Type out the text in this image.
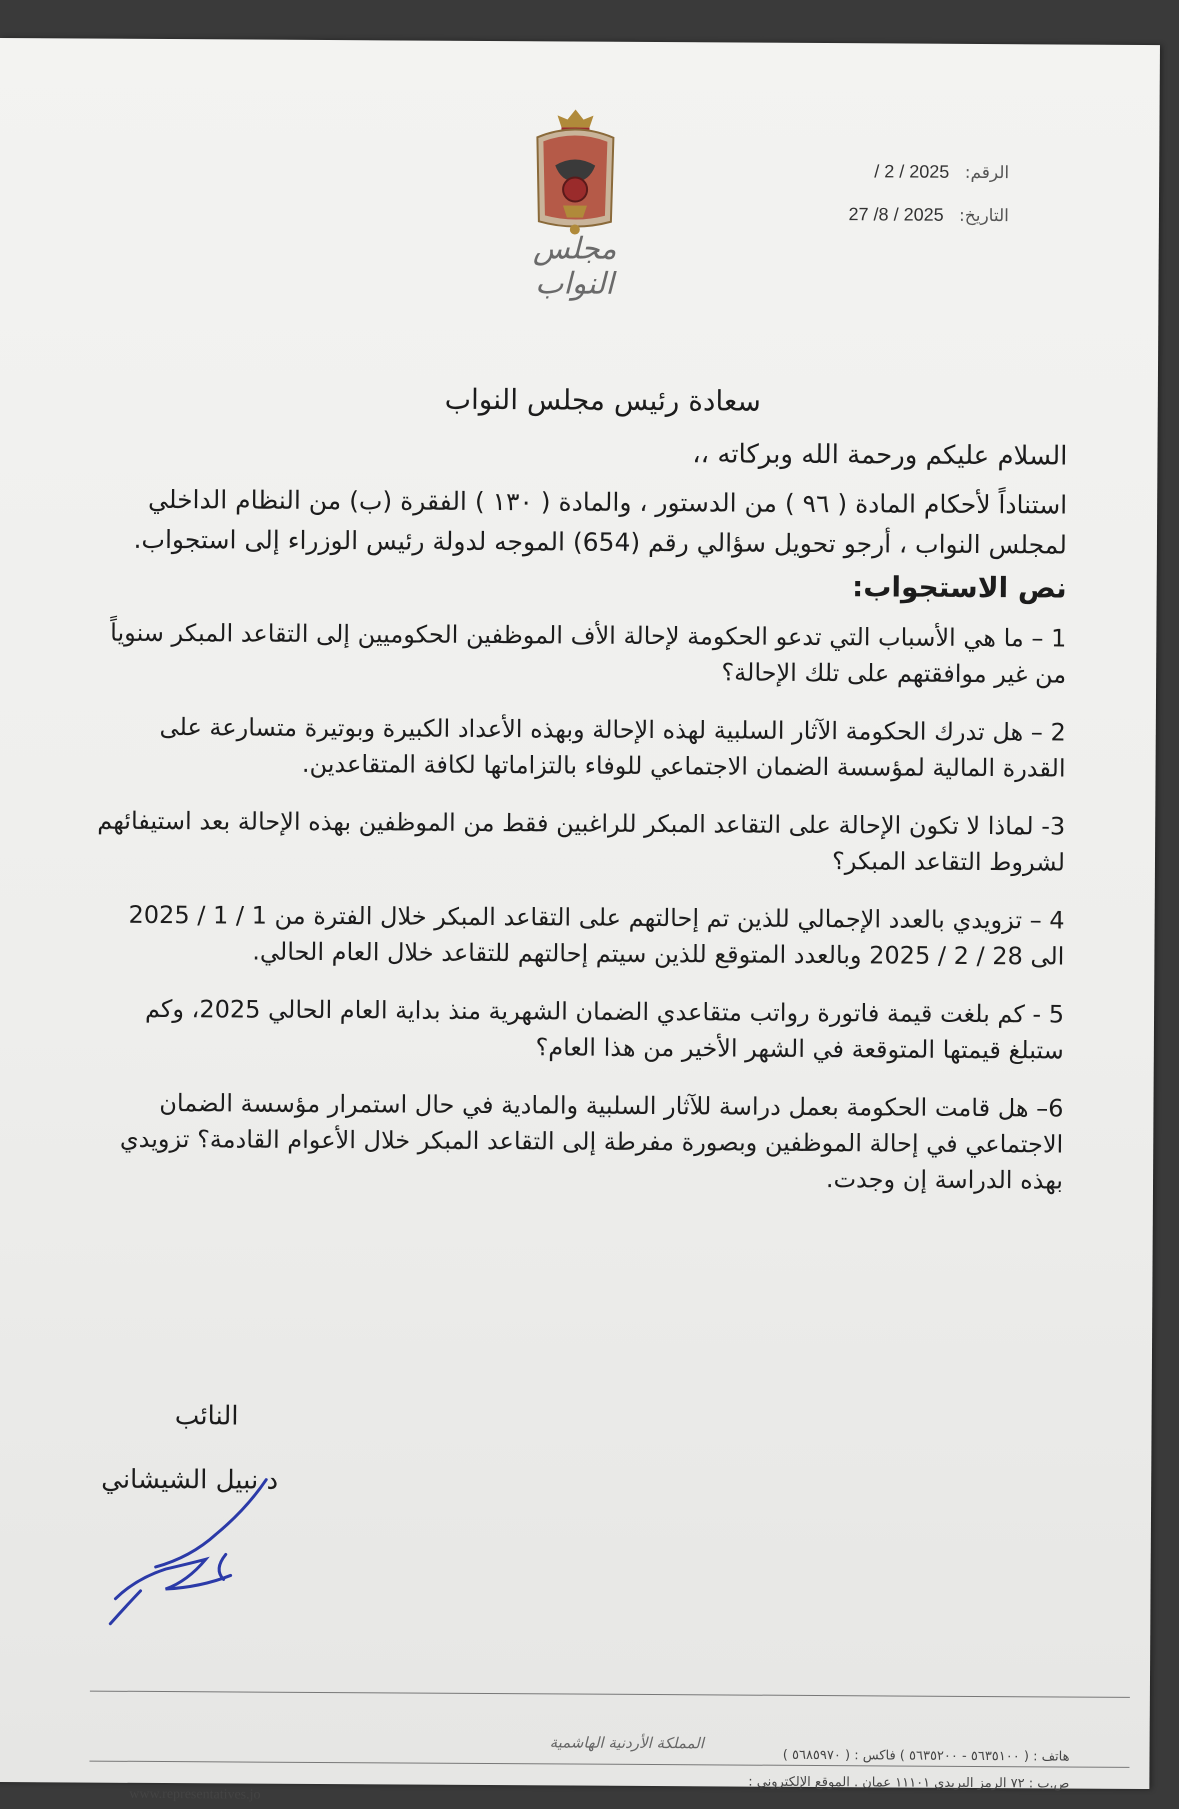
مجلس النواب
الرقم: 2025 / 2 /
التاريخ: 2025 / 8/ 27

سعادة رئيس مجلس النواب

السلام عليكم ورحمة الله وبركاته ،،

استناداً لأحكام المادة ( ٩٦ ) من الدستور ، والمادة ( ١٣٠ ) الفقرة (ب) من النظام الداخلي لمجلس النواب ، أرجو تحويل سؤالي رقم (654) الموجه لدولة رئيس الوزراء إلى استجواب.

نص الاستجواب:

1 – ما هي الأسباب التي تدعو الحكومة لإحالة الأف الموظفين الحكوميين إلى التقاعد المبكر سنوياً من غير موافقتهم على تلك الإحالة؟

2 – هل تدرك الحكومة الآثار السلبية لهذه الإحالة وبهذه الأعداد الكبيرة وبوتيرة متسارعة على القدرة المالية لمؤسسة الضمان الاجتماعي للوفاء بالتزاماتها لكافة المتقاعدين.

3- لماذا لا تكون الإحالة على التقاعد المبكر للراغبين فقط من الموظفين بهذه الإحالة بعد استيفائهم لشروط التقاعد المبكر؟

4 – تزويدي بالعدد الإجمالي للذين تم إحالتهم على التقاعد المبكر خلال الفترة من 1 / 1 / 2025 الى 28 / 2 / 2025 وبالعدد المتوقع للذين سيتم إحالتهم للتقاعد خلال العام الحالي.

5 - كم بلغت قيمة فاتورة رواتب متقاعدي الضمان الشهرية منذ بداية العام الحالي 2025، وكم ستبلغ قيمتها المتوقعة في الشهر الأخير من هذا العام؟

6– هل قامت الحكومة بعمل دراسة للآثار السلبية والمادية في حال استمرار مؤسسة الضمان الاجتماعي في إحالة الموظفين وبصورة مفرطة إلى التقاعد المبكر خلال الأعوام القادمة؟ تزويدي بهذه الدراسة إن وجدت.

النائب

د نبيل الشيشاني

المملكة الأردنية الهاشمية
هاتف : ( ٥٦٣٥١٠٠ - ٥٦٣٥٢٠٠ ) فاكس : ( ٥٦٨٥٩٧٠ )
ص.ب : ٧٢ الرمز البريدي ١١١٠١ عمان . الموقع الإلكتروني :
www.representatives.jo
